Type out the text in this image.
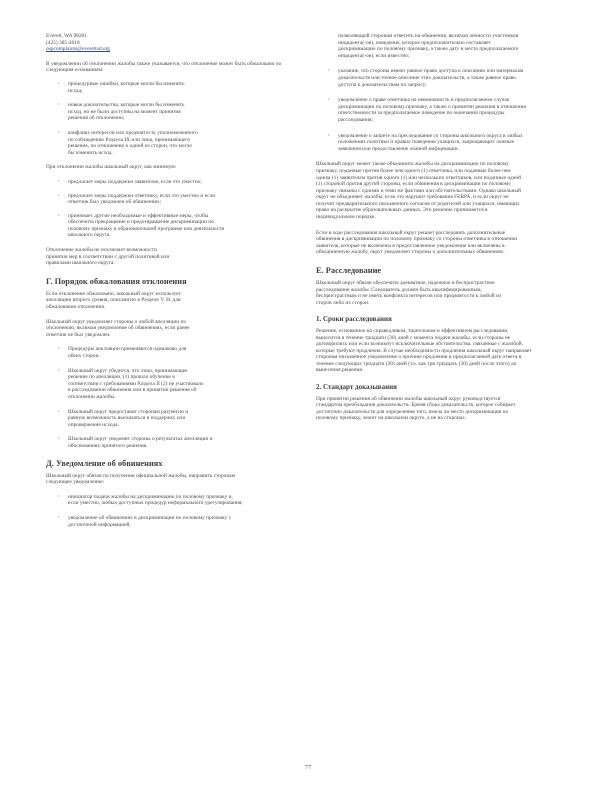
Everett, WA 98201

(425) 385-4018

ospcomplaints@everettsd.org

В уведомлении об отклонении жалобы также указывается, что отклонение может быть обжаловано по следующим основаниям:

› процедурные ошибки, которые могли бы изменить исход;
› новые доказательства, которые могли бы изменить исход, но не были доступны на момент принятия решения об отклонении;
› конфликт интересов или предвзятость уполномоченного по соблюдению Раздела IX или лица, принимающего решение, по отношению к одной из сторон, что могло бы изменить исход.

При отклонении жалобы школьный округ, как минимум:

› предлагает меры поддержки заявителю, если это уместно;
› предлагает меры поддержки ответчику, если это уместно и если ответчик был уведомлен об обвинениях;
› принимает другие необходимые и эффективные меры, чтобы обеспечить прекращение и предотвращение дискриминации по половому признаку в образовательной программе или деятельности школьного округа.

Отклонение жалобы не исключает возможности принятия мер в соответствии с другой политикой или правилами школьного округа.

Г. Порядок обжалования отклонения

Если отклонение обжаловано, школьный округ использует апелляцию второго уровня, описанную в Разделе V. Н. для обжалования отклонения.

Школьный округ уведомляет стороны о любой апелляции по отклонению, включая уведомление об обвинениях, если ранее ответчик не был уведомлен.

› Процедуры апелляции применяются одинаково для обеих сторон.
› Школьный округ убедится, что лицо, принимающее решение по апелляции, (1) прошло обучение в соответствии с требованиями Раздела II (2) не участвовало в расследовании обвинения или в принятии решения об отклонении жалобы.
› Школьный округ предоставит сторонам разумную и равную возможность высказаться в поддержку или опровержение исхода.
› Школьный округ уведомит стороны о результатах апелляции и обоснованиях принятого решения.
Д. Уведомление об обвинениях

Школьный округ обязан по получении официальной жалобы, направить сторонам следующее уведомление:

› инициатор подачи жалобы на дискриминацию по половому признаку и, если уместно, любых доступных процедур неформального урегулирования;
› уведомление об обвинениях в дискриминации по половому признаку с достаточной информацией,
позволяющей сторонам ответить на обвинения, включая личности участников инцидента(-ов), поведение, которое предположительно составляет дискриминацию по половому признаку, а также дату и место предполагаемого инцидента(-ов), если известно;
› указание, что стороны имеют равное право доступа к описанию или материалам доказательств или точное описание этих доказательств, а также равное право доступа к доказательствам по запросу;
› уведомление о праве ответчика на невиновность в предполагаемом случае дискриминации по половому признаку, а также о принятии решения в отношении ответственности за предполагаемое поведение по окончании процедуры расследования;
› уведомление о запрете на преследование со стороны школьного округа в любых положениях политики и правил поведения учащихся, запрещающих ложные заявления или предоставление ложной информации.

Школьный округ может также объединить жалобы на дискриминацию по половому признаку, поданные против более чем одного (1) ответчика, или поданные более чем одним (1) заявителем против одного (1) или нескольких ответчиков, или поданные одной (1) стороной против другой стороны, если обвинения в дискриминации по половому признаку связаны с одними и теми же фактами или обстоятельствами. Однако школьный округ не объединяет жалобы, если это нарушит требования FERPA, и если округ не получит предварительного письменного согласия от родителей или учащихся, имеющих право на раскрытие образовательных данных. Это решение принимается в индивидуальном порядке.

Если в ходе расследования школьный округ решает расследовать дополнительные обвинения в дискриминации по половому признаку со стороны ответчика в отношении заявителя, которые не включены в предоставленное уведомление или включены в объединенную жалобу, округ уведомляет стороны о дополнительных обвинениях.

Е. Расследование

Школьный округ обязан обеспечить адекватное, надежное и беспристрастное расследование жалобы. Следователь должен быть квалифицированным, беспристрастным и не иметь конфликта интересов или предвзятости к любой из сторон либо их сторон.

1. Сроки расследования

Решение, основанное на справедливом, тщательном и эффективном расследовании, выносится в течение тридцати (30) дней с момента подачи жалобы, если стороны не договорились или если возникнут исключительные обстоятельства, связанные с жалобой, которые требуют продления. В случае необходимости продления школьный округ направляет сторонам письменное уведомление о причине продления и предполагаемой дате ответа в течение следующих тридцати (30) дней (т.е. как три тридцать (30) дней после этого) до вынесения решения.

2. Стандарт доказывания

При принятии решения об обвинении жалобы школьный округ руководствуется стандартом преобладания доказательств. Бремя сбора доказательств, которое собирает достаточно доказательств для определения того, имела ли место дискриминация по половому признаку, лежит на школьном округе, а не на сторонах.

77
